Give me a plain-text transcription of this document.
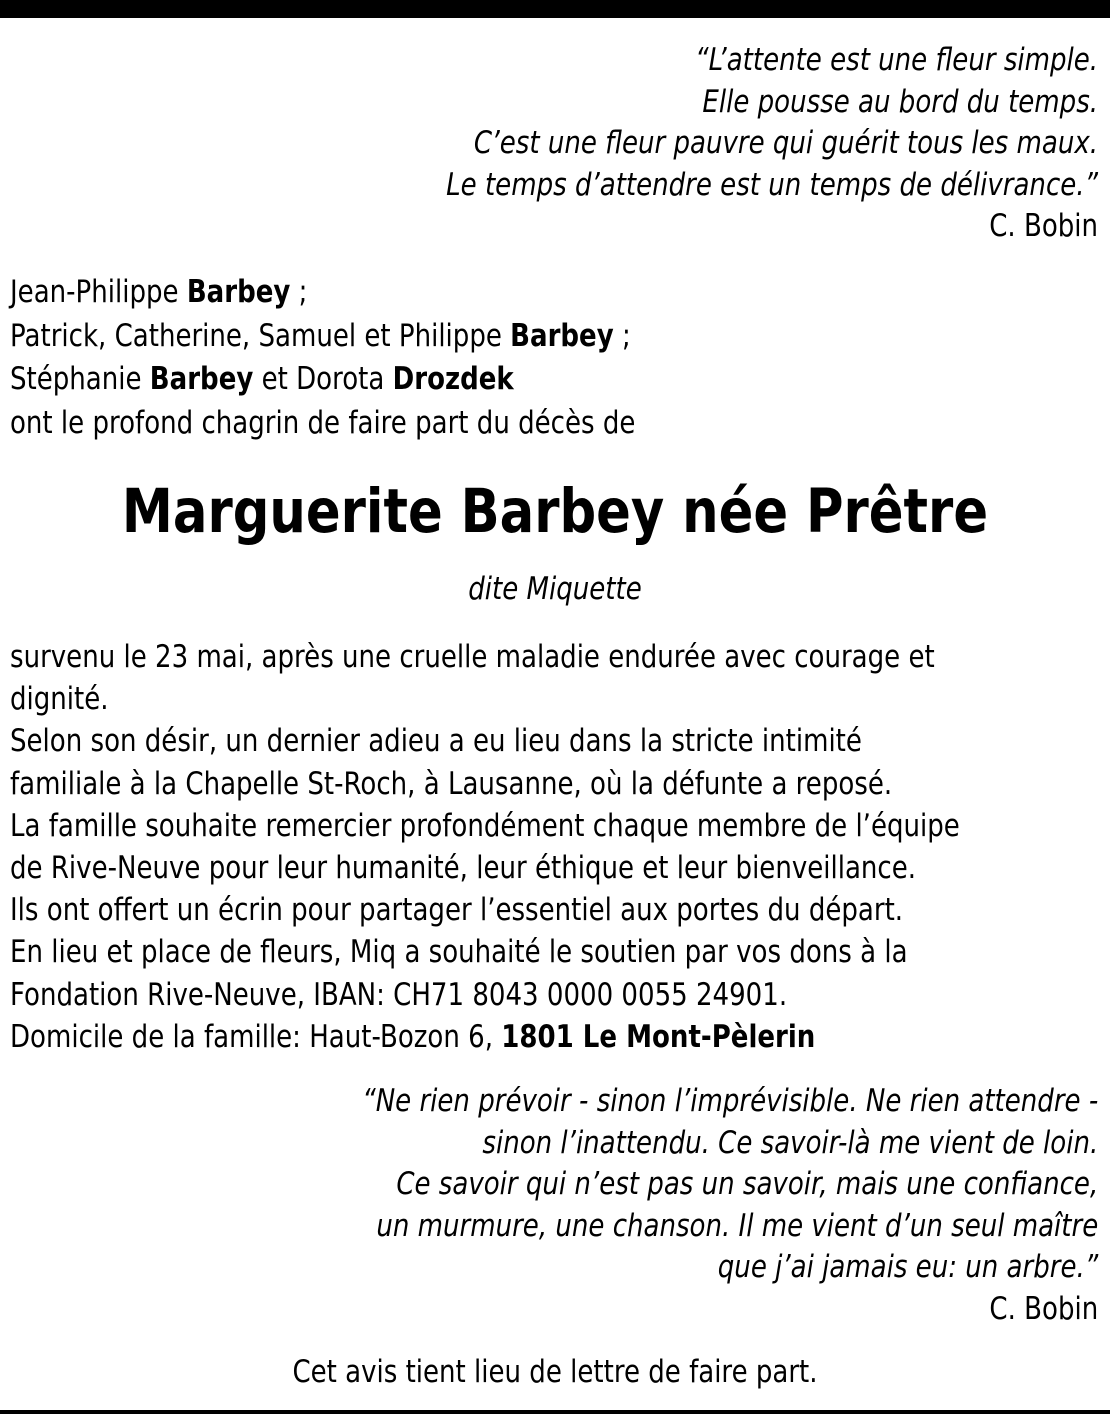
“L’attente est une fleur simple.
Elle pousse au bord du temps.
C’est une fleur pauvre qui guérit tous les maux.
Le temps d’attendre est un temps de délivrance.”
C. Bobin
Jean-Philippe Barbey ;
Patrick, Catherine, Samuel et Philippe Barbey ;
Stéphanie Barbey et Dorota Drozdek
ont le profond chagrin de faire part du décès de
Marguerite Barbey née Prêtre
dite Miquette
survenu le 23 mai, après une cruelle maladie endurée avec courage et
dignité.
Selon son désir, un dernier adieu a eu lieu dans la stricte intimité
familiale à la Chapelle St-Roch, à Lausanne, où la défunte a reposé.
La famille souhaite remercier profondément chaque membre de l’équipe
de Rive-Neuve pour leur humanité, leur éthique et leur bienveillance.
Ils ont offert un écrin pour partager l’essentiel aux portes du départ.
En lieu et place de fleurs, Miq a souhaité le soutien par vos dons à la
Fondation Rive-Neuve, IBAN: CH71 8043 0000 0055 24901.
Domicile de la famille: Haut-Bozon 6, 1801 Le Mont-Pèlerin
“Ne rien prévoir - sinon l’imprévisible. Ne rien attendre -
sinon l’inattendu. Ce savoir-là me vient de loin.
Ce savoir qui n’est pas un savoir, mais une confiance,
un murmure, une chanson. Il me vient d’un seul maître
que j’ai jamais eu: un arbre.”
C. Bobin
Cet avis tient lieu de lettre de faire part.
